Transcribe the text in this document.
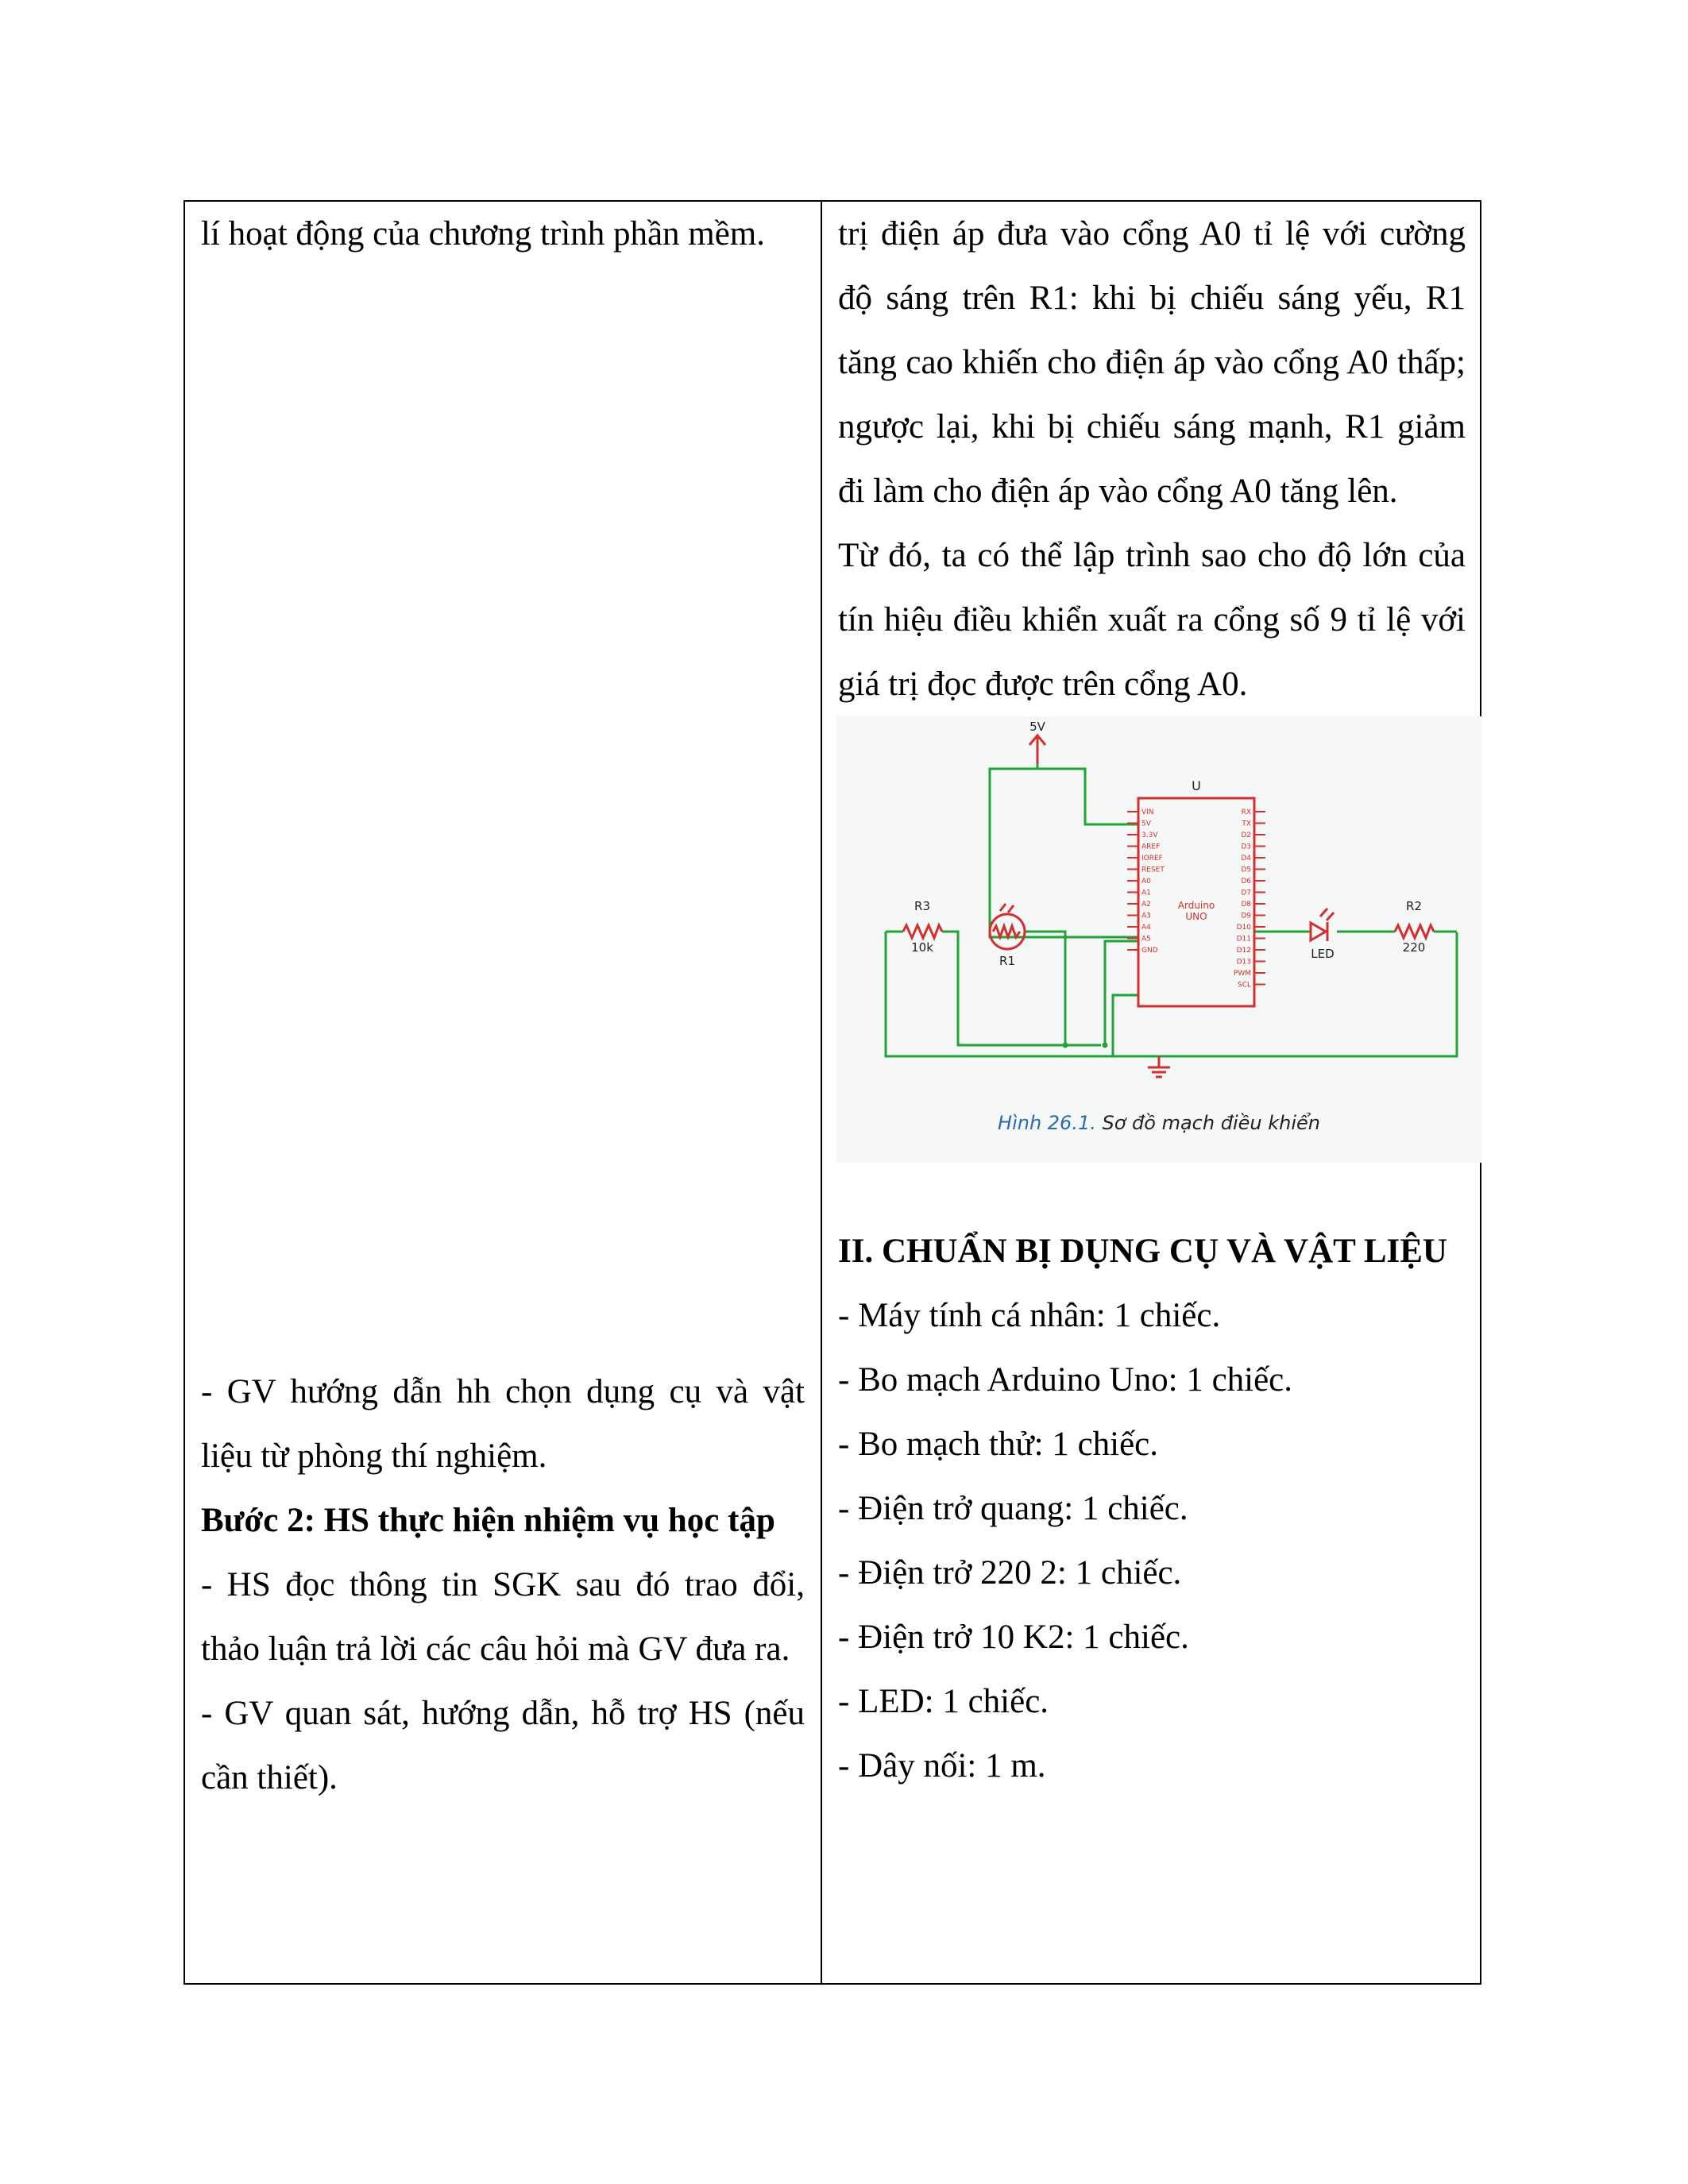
lí hoạt động của chương trình phần mềm.

- GV hướng dẫn hh chọn dụng cụ và vật liệu từ phòng thí nghiệm.

Bước 2: HS thực hiện nhiệm vụ học tập

- HS đọc thông tin SGK sau đó trao đổi, thảo luận trả lời các câu hỏi mà GV đưa ra.

- GV quan sát, hướng dẫn, hỗ trợ HS (nếu cần thiết).

trị điện áp đưa vào cổng A0 tỉ lệ với cường độ sáng trên R1: khi bị chiếu sáng yếu, R1 tăng cao khiến cho điện áp vào cổng A0 thấp; ngược lại, khi bị chiếu sáng mạnh, R1 giảm đi làm cho điện áp vào cổng A0 tăng lên.

Từ đó, ta có thể lập trình sao cho độ lớn của tín hiệu điều khiển xuất ra cổng số 9 tỉ lệ với giá trị đọc được trên cổng A0.

VIN
5V
3.3V
AREF
IOREF
RESET
A0
A1
A2
A3
A4
A5
GND
RX
TX
D2
D3
D4
D5
D6
D7
D8
D9
D10
D11
D12
D13
PWM
SCL
5V
U
R3
10k
R1	LED
R2
220
Arduino
UNO
Hình 26.1. Sơ đồ mạch điều khiển

II. CHUẨN BỊ DỤNG CỤ VÀ VẬT LIỆU

- Máy tính cá nhân: 1 chiếc.

- Bo mạch Arduino Uno: 1 chiếc.

- Bo mạch thử: 1 chiếc.

- Điện trở quang: 1 chiếc.

- Điện trở 220 2: 1 chiếc.

- Điện trở 10 K2: 1 chiếc.

- LED: 1 chiếc.

- Dây nối: 1 m.
